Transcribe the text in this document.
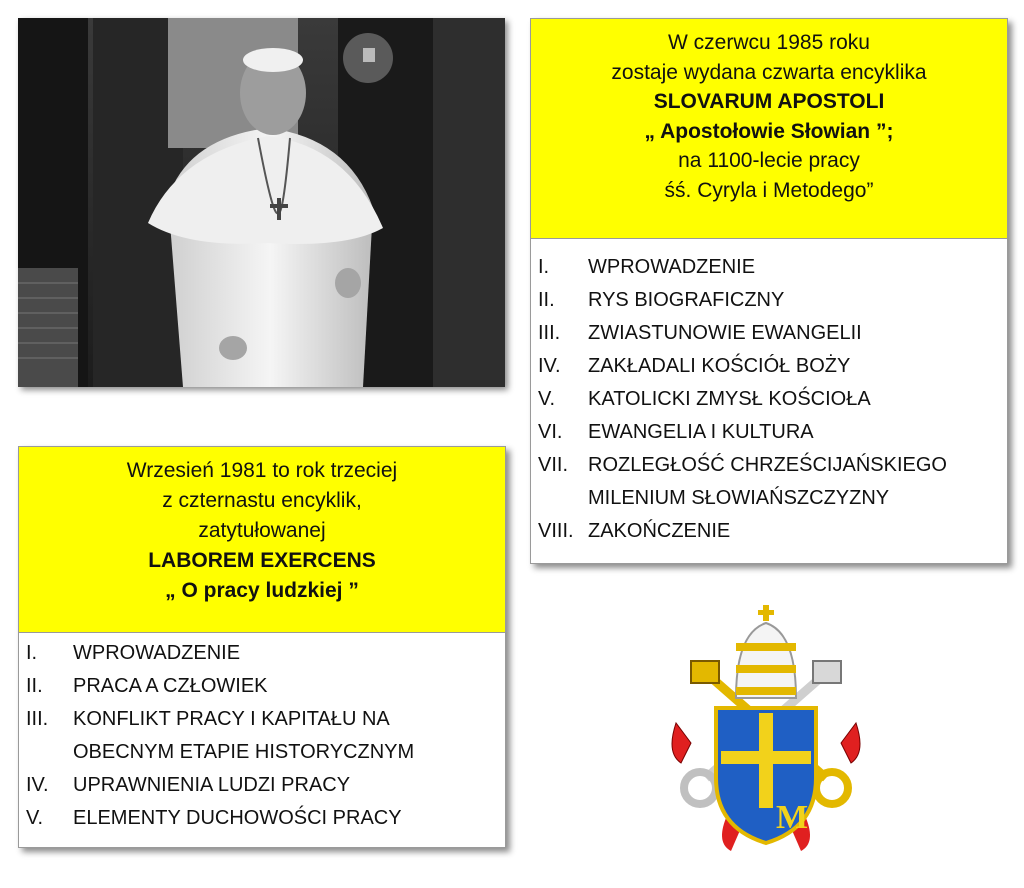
W czerwcu 1985 roku
zostaje wydana czwarta encyklika
SLOVARUM APOSTOLI
„ Apostołowie Słowian ”;
na 1100-lecie pracy
śś. Cyryla i Metodego”
I.	WPROWADZENIE
II.	RYS BIOGRAFICZNY
III.	ZWIASTUNOWIE EWANGELII
IV.	ZAKŁADALI KOŚCIÓŁ BOŻY
V.	KATOLICKI ZMYSŁ KOŚCIOŁA
VI.	EWANGELIA I KULTURA
VII. ROZLEGŁOŚĆ CHRZEŚCIJAŃSKIEGO
MILENIUM SŁOWIAŃSZCZYZNY
VIII. ZAKOŃCZENIE
Wrzesień 1981 to rok trzeciej
z czternastu encyklik,
zatytułowanej
LABOREM EXERCENS
„ O pracy ludzkiej ”
I.	WPROWADZENIE
II.	PRACA A CZŁOWIEK
III.	KONFLIKT PRACY I KAPITAŁU NA
OBECNYM ETAPIE HISTORYCZNYM
IV.	UPRAWNIENIA LUDZI PRACY
V.	ELEMENTY DUCHOWOŚCI PRACY	M
